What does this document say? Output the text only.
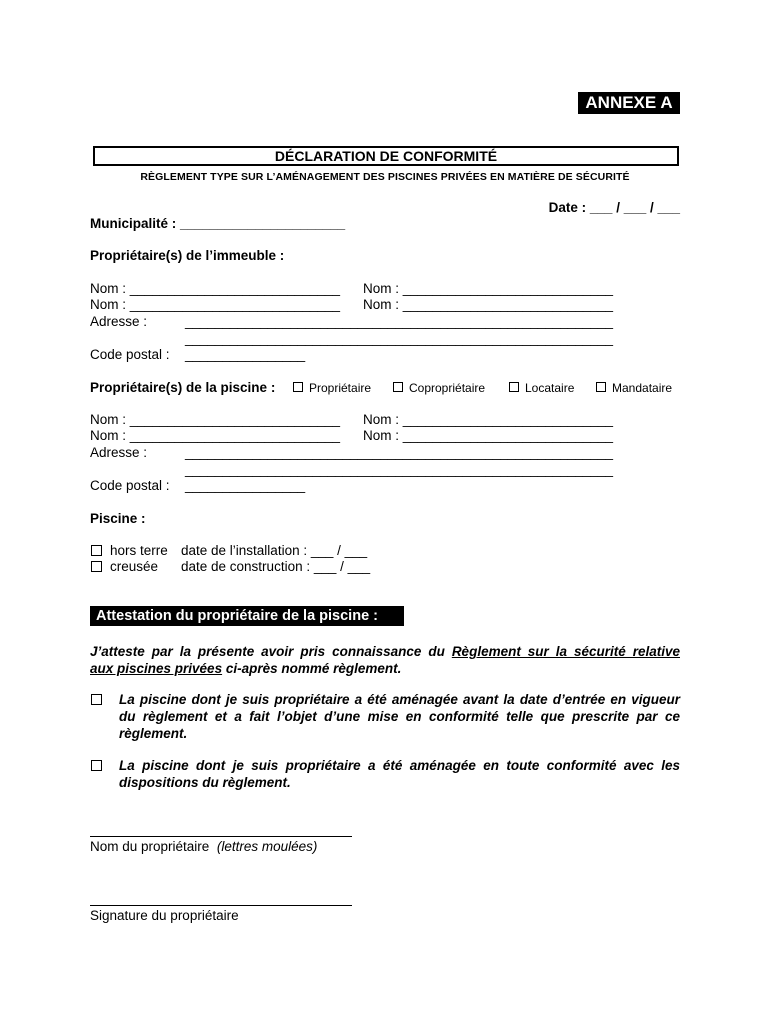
ANNEXE A
DÉCLARATION DE CONFORMITÉ
RÈGLEMENT TYPE SUR L’AMÉNAGEMENT DES PISCINES PRIVÉES EN MATIÈRE DE SÉCURITÉ
Date : ___ / ___ / ___
Municipalité : ______________________
Propriétaire(s) de l’immeuble :
Nom : ____________________________ Nom : ____________________________
Nom : ____________________________ Nom : ____________________________
Adresse :	_________________________________________________________
_________________________________________________________
Code postal : ________________
Propriétaire(s) de la piscine :	Propriétaire	Copropriétaire	Locataire	Mandataire
Nom : ____________________________ Nom : ____________________________
Nom : ____________________________ Nom : ____________________________
Adresse :	_________________________________________________________
_________________________________________________________
Code postal : ________________
Piscine :
hors terre date de l’installation : ___ / ___
creusée date de construction : ___ / ___
Attestation du propriétaire de la piscine :
J’atteste par la présente avoir pris connaissance du Règlement sur la sécurité relative
aux piscines privées ci-après nommé règlement.
La piscine dont je suis propriétaire a été aménagée avant la date d’entrée en vigueur
du règlement et a fait l’objet d’une mise en conformité telle que prescrite par ce
règlement.
La piscine dont je suis propriétaire a été aménagée en toute conformité avec les
dispositions du règlement.
Nom du propriétaire (lettres moulées)
Signature du propriétaire
